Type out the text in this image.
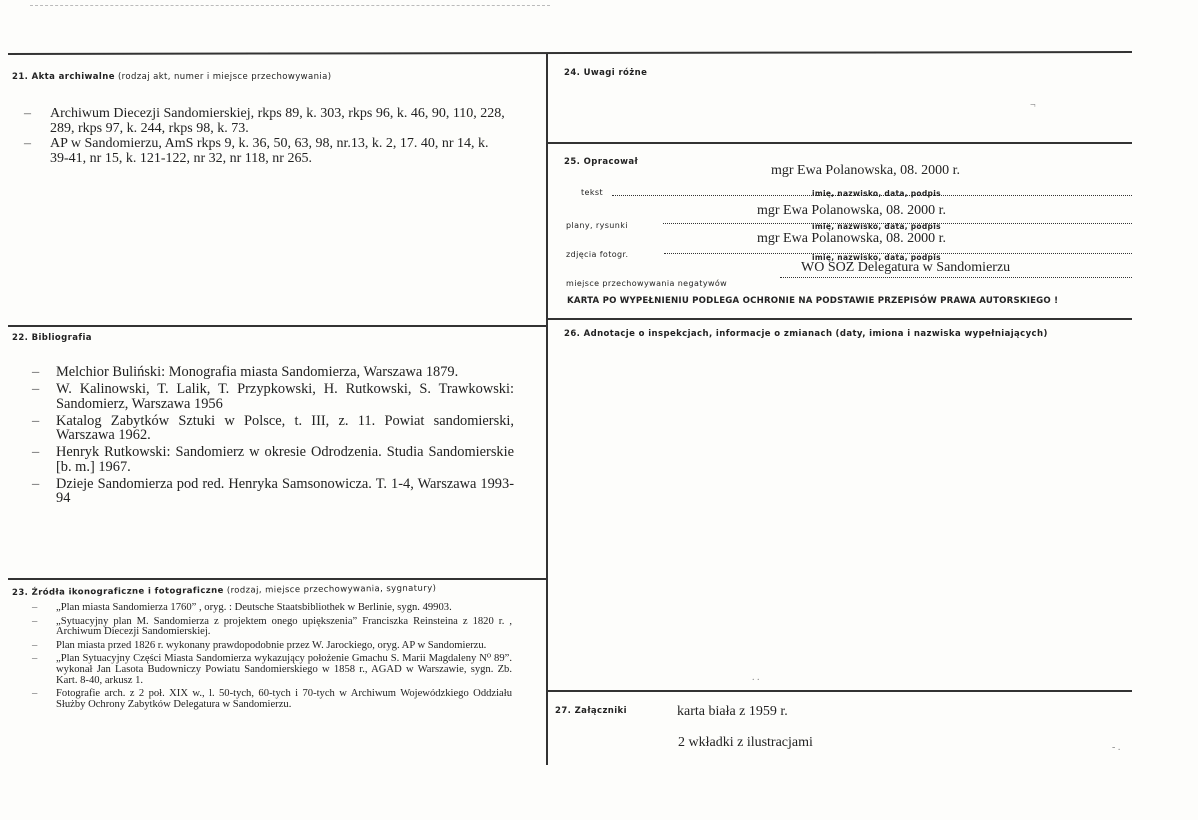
21. Akta archiwalne (rodzaj akt, numer i miejsce przechowywania)
– Archiwum Diecezji Sandomierskiej, rkps 89, k. 303, rkps 96, k. 46, 90, 110, 228, 289, rkps 97, k. 244, rkps 98, k. 73.
– AP w Sandomierzu, AmS rkps 9, k. 36, 50, 63, 98, nr.13, k. 2, 17. 40, nr 14, k. 39-41, nr 15, k. 121-122, nr 32, nr 118, nr 265.
22. Bibliografia
– Melchior Buliński: Monografia miasta Sandomierza, Warszawa 1879.
– W. Kalinowski, T. Lalik, T. Przypkowski, H. Rutkowski, S. Trawkowski: Sandomierz, Warszawa 1956
– Katalog Zabytków Sztuki w Polsce, t. III, z. 11. Powiat sandomierski, Warszawa 1962.
– Henryk Rutkowski: Sandomierz w okresie Odrodzenia. Studia Sandomierskie [b. m.] 1967.
– Dzieje Sandomierza pod red. Henryka Samsonowicza. T. 1-4, Warszawa 1993-94
23. Źródła ikonograficzne i fotograficzne (rodzaj, miejsce przechowywania, sygnatury)
– „Plan miasta Sandomierza 1760” , oryg. : Deutsche Staatsbibliothek w Berlinie, sygn. 49903.
– „Sytuacyjny plan M. Sandomierza z projektem onego upiększenia” Franciszka Reinsteina z 1820 r. , Archiwum Diecezji Sandomierskiej.
– Plan miasta przed 1826 r. wykonany prawdopodobnie przez W. Jarockiego, oryg. AP w Sandomierzu.
– „Plan Sytuacyjny Części Miasta Sandomierza wykazujący położenie Gmachu S. Marii Magdaleny N⁰ 89”. wykonał Jan Lasota Budowniczy Powiatu Sandomierskiego w 1858 r., AGAD w Warszawie, sygn. Zb. Kart. 8-40, arkusz 1.
– Fotografie arch. z 2 poł. XIX w., l. 50-tych, 60-tych i 70-tych w Archiwum Wojewódzkiego Oddziału Służby Ochrony Zabytków Delegatura w Sandomierzu.
24. Uwagi różne
25. Opracował
tekst
mgr Ewa Polanowska, 08. 2000 r.
imię, nazwisko, data, podpis
plany, rysunki
mgr Ewa Polanowska, 08. 2000 r.
imię, nazwisko, data, podpis
zdjęcia fotogr.
mgr Ewa Polanowska, 08. 2000 r.
imię, nazwisko, data, podpis
miejsce przechowywania negatywów
WO SOZ Delegatura w Sandomierzu
KARTA PO WYPEŁNIENIU PODLEGA OCHRONIE NA PODSTAWIE PRZEPISÓW PRAWA AUTORSKIEGO !
26. Adnotacje o inspekcjach, informacje o zmianach (daty, imiona i nazwiska wypełniających)
27. Załączniki	karta biała z 1959 r.
2 wkładki z ilustracjami
¬
- .
. .
